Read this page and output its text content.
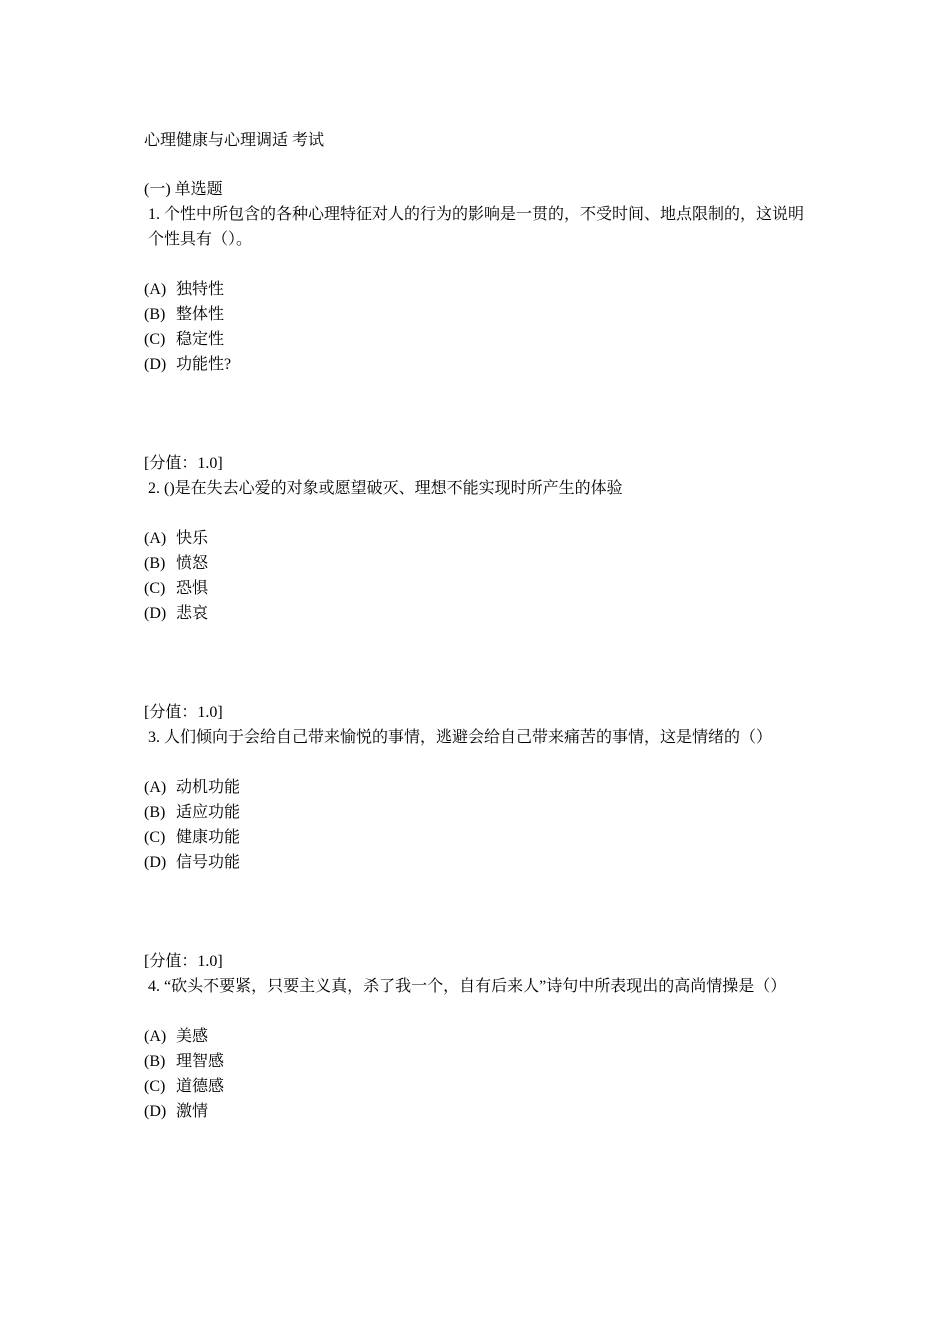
心理健康与心理调适 考试
(一) 单选题
1. 个性中所包含的各种心理特征对人的行为的影响是一贯的，不受时间、地点限制的，这说明个性具有（）。
(A) 独特性
(B) 整体性
(C) 稳定性
(D) 功能性?
[分值：1.0]
2. ()是在失去心爱的对象或愿望破灭、理想不能实现时所产生的体验
(A) 快乐
(B) 愤怒
(C) 恐惧
(D) 悲哀
[分值：1.0]
3. 人们倾向于会给自己带来愉悦的事情，逃避会给自己带来痛苦的事情，这是情绪的（）
(A) 动机功能
(B) 适应功能
(C) 健康功能
(D) 信号功能
[分值：1.0]
4. “砍头不要紧，只要主义真，杀了我一个，自有后来人”诗句中所表现出的高尚情操是（）
(A) 美感
(B) 理智感
(C) 道德感
(D) 激情
